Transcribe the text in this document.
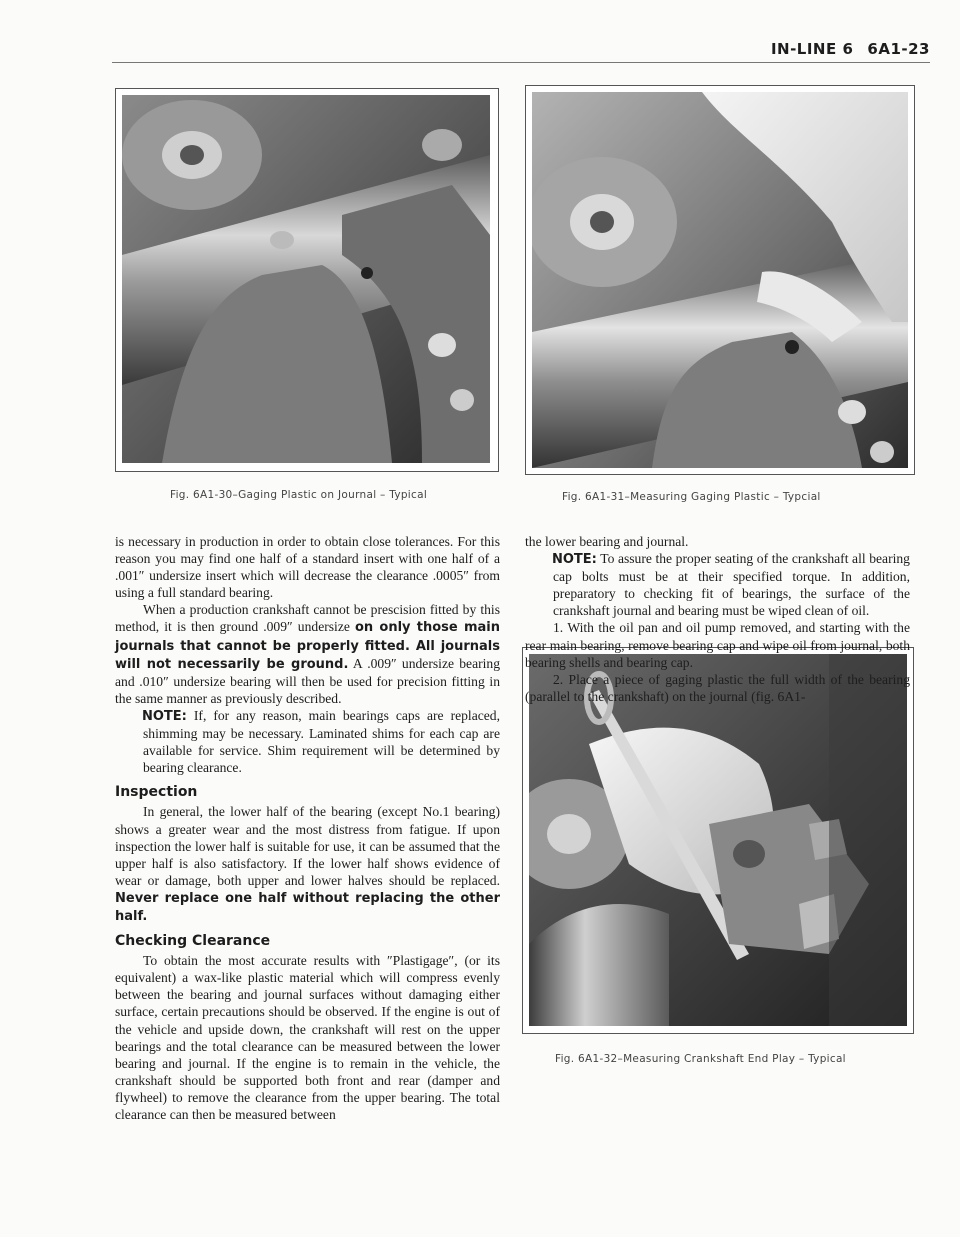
IN-LINE 6 6A1-23
Fig. 6A1-30–Gaging Plastic on Journal – Typical	Fig. 6A1-31–Measuring Gaging Plastic – Typcial
Fig. 6A1-32–Measuring Crankshaft End Play – Typical

is necessary in production in order to obtain close tolerances. For this reason you may find one half of a standard insert with one half of a .001″ undersize insert which will decrease the clearance .0005″ from using a full standard bearing.

When a production crankshaft cannot be prescision fitted by this method, it is then ground .009″ undersize on only those main journals that cannot be properly fitted. All journals will not necessarily be ground. A .009″ undersize bearing and .010″ undersize bearing will then be used for precision fitting in the same manner as previously described.

NOTE: If, for any reason, main bearings caps are replaced, shimming may be necessary. Laminated shims for each cap are available for service. Shim requirement will be determined by bearing clearance.

Inspection

In general, the lower half of the bearing (except No.1 bearing) shows a greater wear and the most distress from fatigue. If upon inspection the lower half is suitable for use, it can be assumed that the upper half is also satisfactory. If the lower half shows evidence of wear or damage, both upper and lower halves should be replaced. Never replace one half without replacing the other half.

Checking Clearance

To obtain the most accurate results with ″Plastigage″, (or its equivalent) a wax-like plastic material which will compress evenly between the bearing and journal surfaces without damaging either surface, certain precautions should be observed. If the engine is out of the vehicle and upside down, the crankshaft will rest on the upper bearings and the total clearance can be measured between the lower bearing and journal. If the engine is to remain in the vehicle, the crankshaft should be supported both front and rear (damper and flywheel) to remove the clearance from the upper bearing. The total clearance can then be measured between

the lower bearing and journal.

NOTE: To assure the proper seating of the crankshaft all bearing cap bolts must be at their specified torque. In addition, preparatory to checking fit of bearings, the surface of the crankshaft journal and bearing must be wiped clean of oil.

1. With the oil pan and oil pump removed, and starting with the rear main bearing, remove bearing cap and wipe oil from journal, both bearing shells and bearing cap.

2. Place a piece of gaging plastic the full width of the bearing (parallel to the crankshaft) on the journal (fig. 6A1-
